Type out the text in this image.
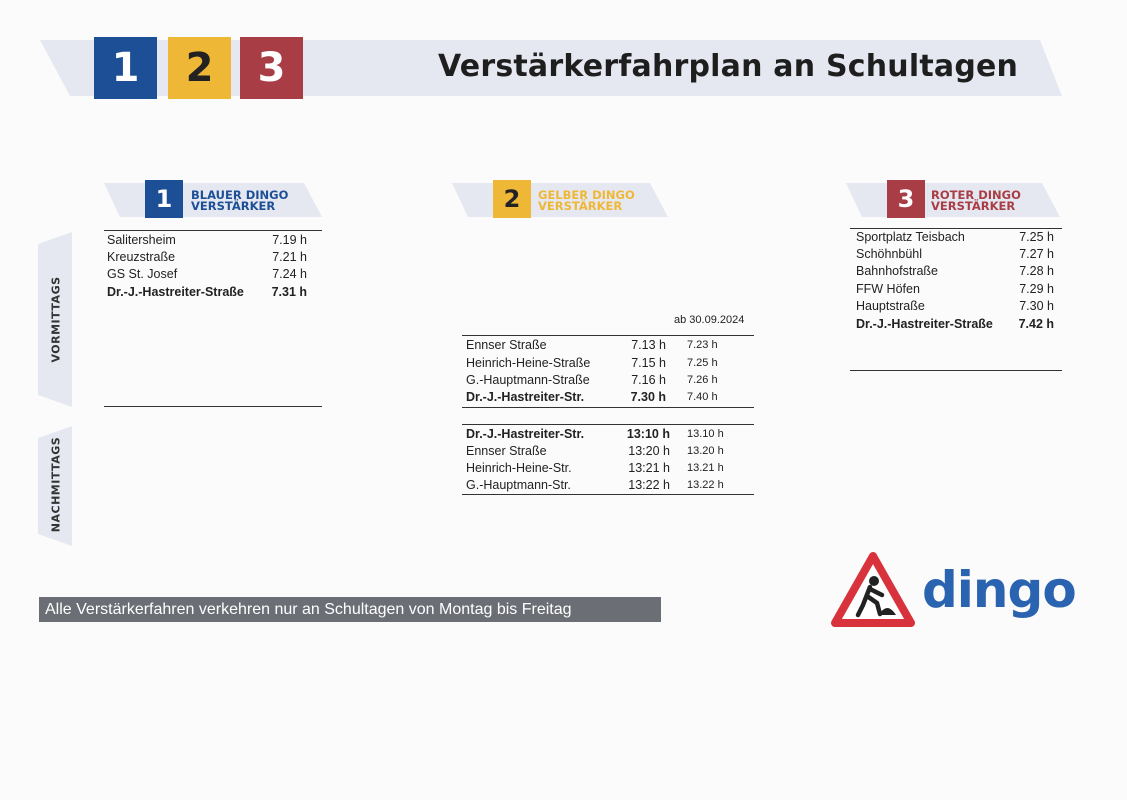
1	2	3	Verstärkerfahrplan an Schultagen
VORMITTAGS
NACHMITTAGS
1	BLAUER DINGO
VERSTÄRKER
Salitersheim	7.19 h
Kreuzstraße	7.21 h
GS St. Josef	7.24 h
Dr.-J.-Hastreiter-Straße 7.31 h
2	GELBER DINGO
VERSTÄRKER
ab 30.09.2024
Ennser Straße	7.13 h 7.23 h
Heinrich-Heine-Straße	7.15 h 7.25 h
G.-Hauptmann-Straße	7.16 h 7.26 h
Dr.-J.-Hastreiter-Str.	7.30 h 7.40 h
Dr.-J.-Hastreiter-Str.	13:10 h 13.10 h
Ennser Straße	13:20 h 13.20 h
Heinrich-Heine-Str.	13:21 h 13.21 h
G.-Hauptmann-Str.	13:22 h 13.22 h
3	ROTER DINGO
VERSTÄRKER
Sportplatz Teisbach	7.25 h
Schöhnbühl	7.27 h
Bahnhofstraße	7.28 h
FFW Höfen	7.29 h
Hauptstraße	7.30 h
Dr.-J.-Hastreiter-Straße 7.42 h
Alle Verstärkerfahren verkehren nur an Schultagen von Montag bis Freitag	dingo
